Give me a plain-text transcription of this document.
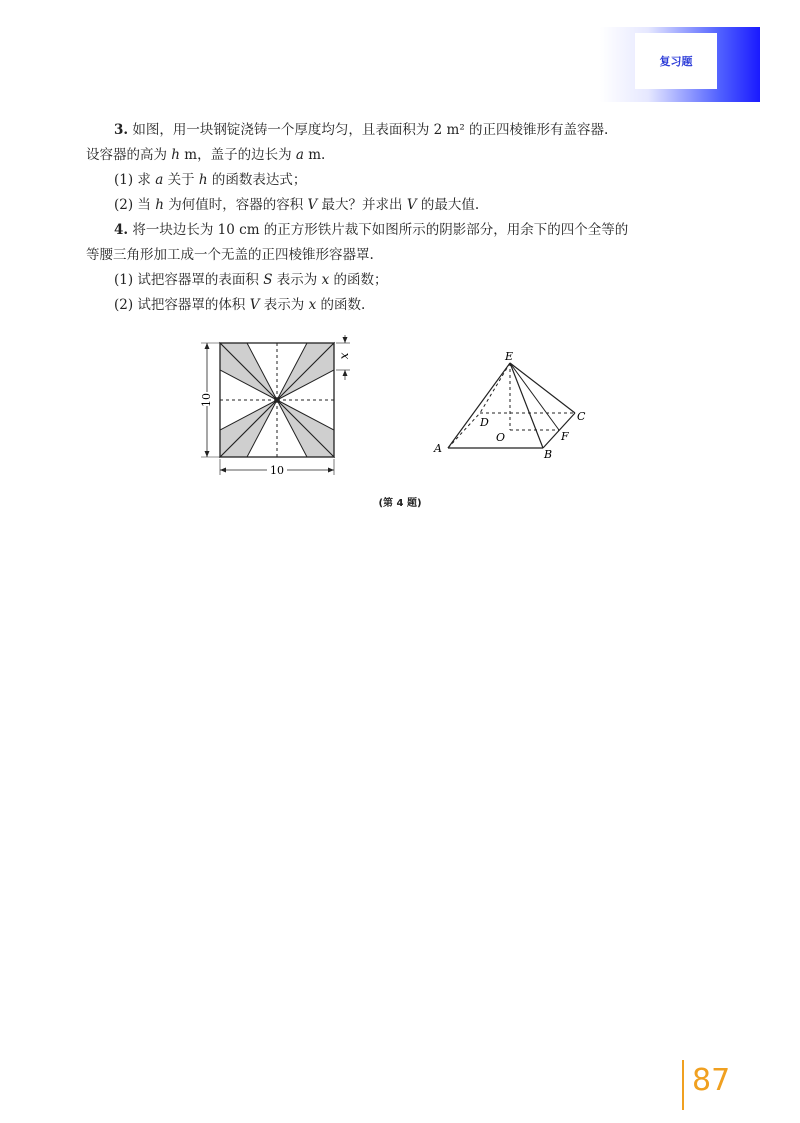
复习题

3. 如图，用一块钢锭浇铸一个厚度均匀，且表面积为 2 m² 的正四棱锥形有盖容器.

设容器的高为 h m，盖子的边长为 a m.

(1) 求 a 关于 h 的函数表达式；

(2) 当 h 为何值时，容器的容积 V 最大？并求出 V 的最大值.

4. 将一块边长为 10 cm 的正方形铁片裁下如图所示的阴影部分，用余下的四个全等的

等腰三角形加工成一个无盖的正四棱锥形容器罩.

(1) 试把容器罩的表面积 S 表示为 x 的函数；

(2) 试把容器罩的体积 V 表示为 x 的函数.

10
10
x	E
D	C
O
A	B
F
(第 4 题)
87
